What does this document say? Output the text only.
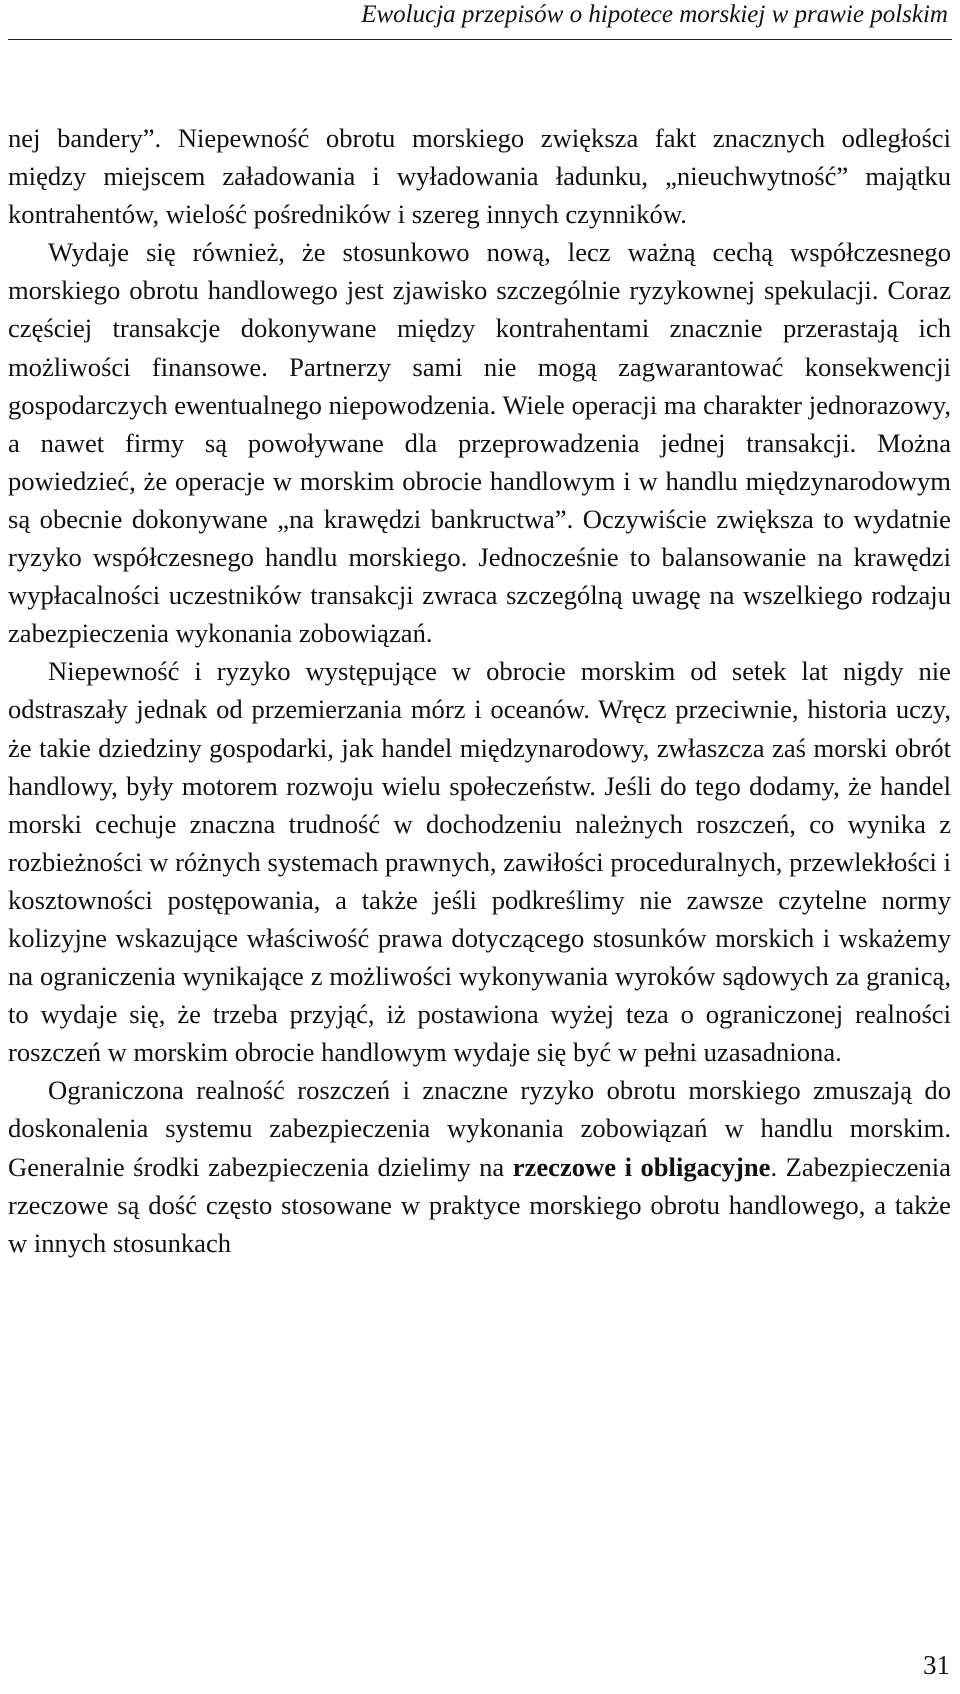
Ewolucja przepisów o hipotece morskiej w prawie polskim

nej bandery”. Niepewność obrotu morskiego zwiększa fakt znacznych odległości między miejscem załadowania i wyładowania ładunku, „nieuchwytność” majątku kontrahentów, wielość pośredników i szereg innych czynników.

Wydaje się również, że stosunkowo nową, lecz ważną cechą współczesnego morskiego obrotu handlowego jest zjawisko szczególnie ryzykownej spekulacji. Coraz częściej transakcje dokonywane między kontrahentami znacznie przerastają ich możliwości finansowe. Partnerzy sami nie mogą zagwarantować konsekwencji gospodarczych ewentualnego niepowodzenia. Wiele operacji ma charakter jednorazowy, a nawet firmy są powoływane dla przeprowadzenia jednej transakcji. Można powiedzieć, że operacje w morskim obrocie handlowym i w handlu międzynarodowym są obecnie dokonywane „na krawędzi bankructwa”. Oczywiście zwiększa to wydatnie ryzyko współczesnego handlu morskiego. Jednocześnie to balansowanie na krawędzi wypłacalności uczestników transakcji zwraca szczególną uwagę na wszelkiego rodzaju zabezpieczenia wykonania zobowiązań.

Niepewność i ryzyko występujące w obrocie morskim od setek lat nigdy nie odstraszały jednak od przemierzania mórz i oceanów. Wręcz przeciwnie, historia uczy, że takie dziedziny gospodarki, jak handel międzynarodowy, zwłaszcza zaś morski obrót handlowy, były motorem rozwoju wielu społeczeństw. Jeśli do tego dodamy, że handel morski cechuje znaczna trudność w dochodzeniu należnych roszczeń, co wynika z rozbieżności w różnych systemach prawnych, zawiłości proceduralnych, przewlekłości i kosztowności postępowania, a także jeśli podkreślimy nie zawsze czytelne normy kolizyjne wskazujące właściwość prawa dotyczącego stosunków morskich i wskażemy na ograniczenia wynikające z możliwości wykonywania wyroków sądowych za granicą, to wydaje się, że trzeba przyjąć, iż postawiona wyżej teza o ograniczonej realności roszczeń w morskim obrocie handlowym wydaje się być w pełni uzasadniona.

Ograniczona realność roszczeń i znaczne ryzyko obrotu morskiego zmuszają do doskonalenia systemu zabezpieczenia wykonania zobowiązań w handlu morskim. Generalnie środki zabezpieczenia dzielimy na rzeczowe i obligacyjne. Zabezpieczenia rzeczowe są dość często stosowane w praktyce morskiego obrotu handlowego, a także w innych stosunkach

31
